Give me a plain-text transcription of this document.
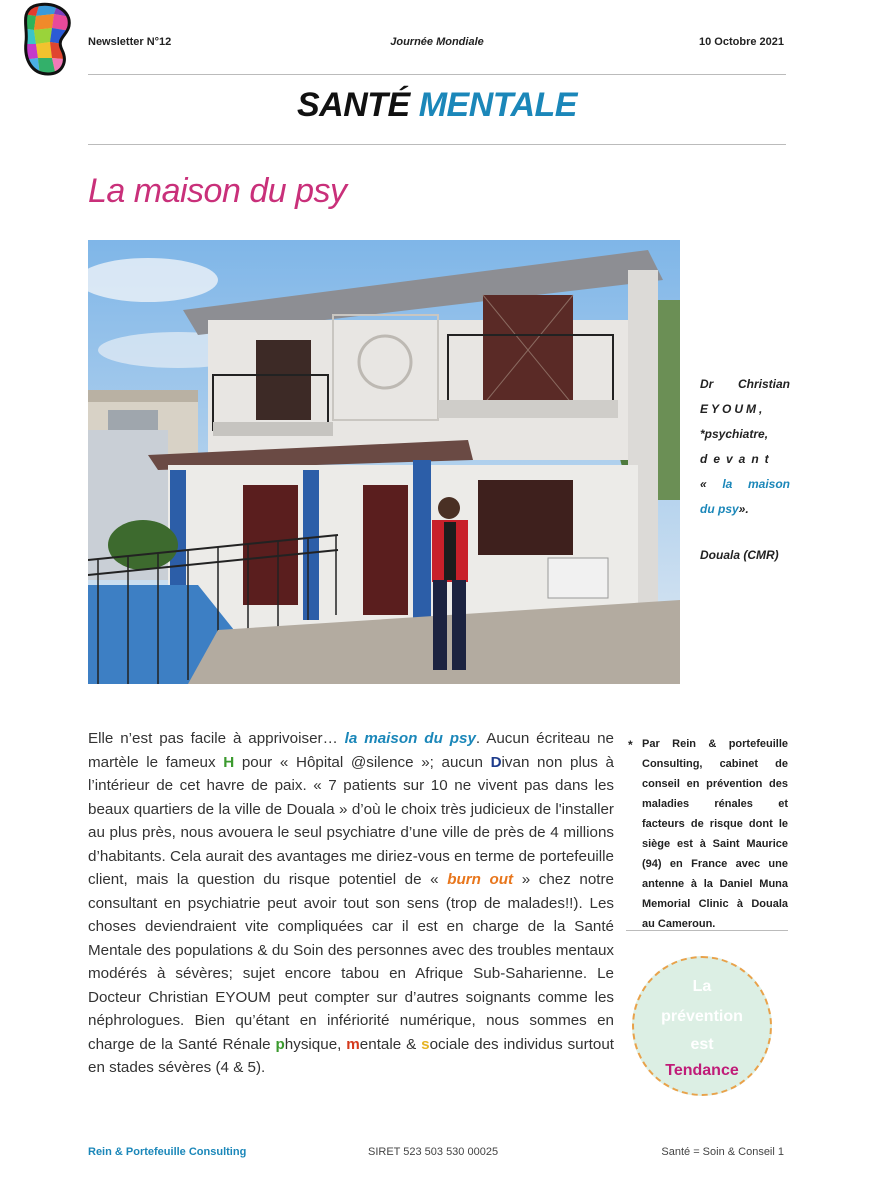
Newsletter N°12	Journée Mondiale	10 Octobre 2021
SANTÉ MENTALE
La maison du psy
Dr Christian
EYOUM,
*psychiatre,
devant
« la maison
du psy».
Douala (CMR)
Elle n’est pas facile à apprivoiser… la maison du psy. Aucun écriteau ne martèle le fameux H pour « Hôpital @silence »; aucun Divan non plus à l’intérieur de cet havre de paix. « 7 patients sur 10 ne vivent pas dans les beaux quartiers de la ville de Douala » d’où le choix très judicieux de l'installer au plus près, nous avouera le seul psychiatre d’une ville de près de 4 millions d’habitants. Cela aurait des avantages me diriez-vous en terme de portefeuille client, mais la question du risque potentiel de « burn out » chez notre consultant en psychiatrie peut avoir tout son sens (trop de malades!!). Les choses deviendraient vite compliquées car il est en charge de la Santé Mentale des populations & du Soin des personnes avec des troubles mentaux modérés à sévères; sujet encore tabou en Afrique Sub-Saharienne. Le Docteur Christian EYOUM peut compter sur d’autres soignants comme les néphrologues. Bien qu’étant en infériorité numérique, nous sommes en charge de la Santé Rénale physique, mentale & sociale des individus surtout en stades sévères (4 & 5).
* Par Rein & portefeuille Consulting, cabinet de conseil en prévention des maladies rénales et facteurs de risque dont le siège est à Saint Maurice (94) en France avec une antenne à la Daniel Muna Memorial Clinic à Douala au Cameroun.
La
prévention
est
Tendance
Rein & Portefeuille Consulting	SIRET 523 503 530 00025	Santé = Soin & Conseil 1
